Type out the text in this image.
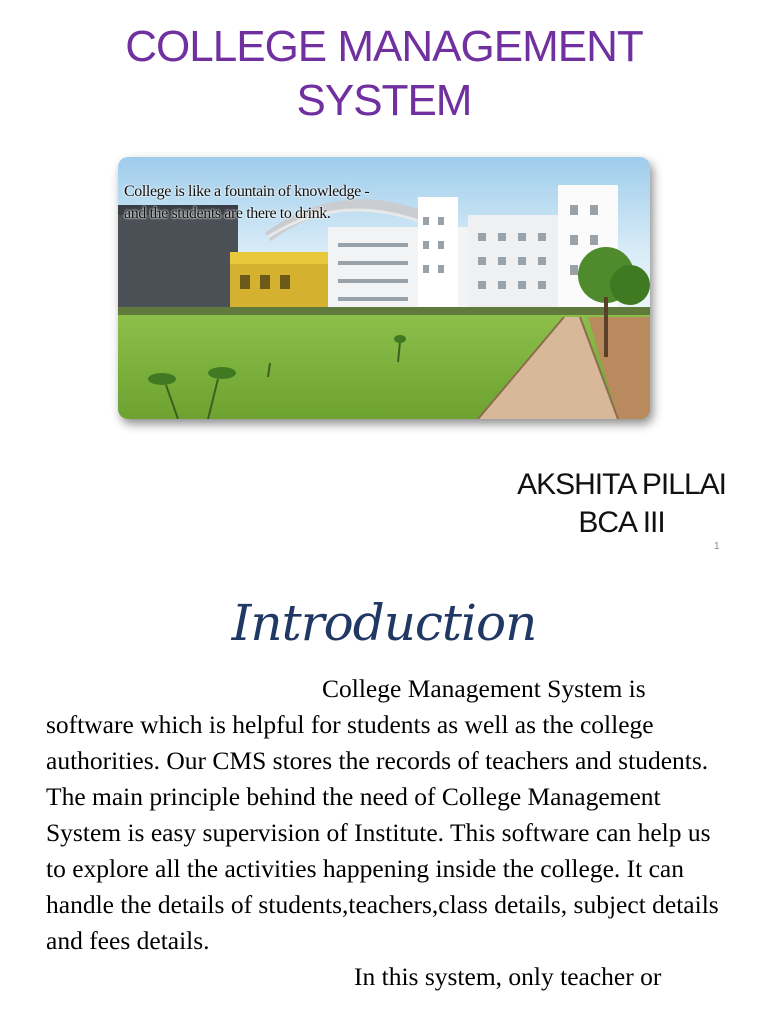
COLLEGE MANAGEMENT
SYSTEM

College is like a fountain of knowledge -
and the students are there to drink.

AKSHITA PILLAI
BCA III
1
Introduction

College Management System is software which is helpful for students as well as the college authorities. Our CMS stores the records of teachers and students. The main principle behind the need of College Management System is easy supervision of Institute. This software can help us to explore all the activities happening inside the college. It can handle the details of students,teachers,class details, subject details and fees details.
In this system, only teacher or
